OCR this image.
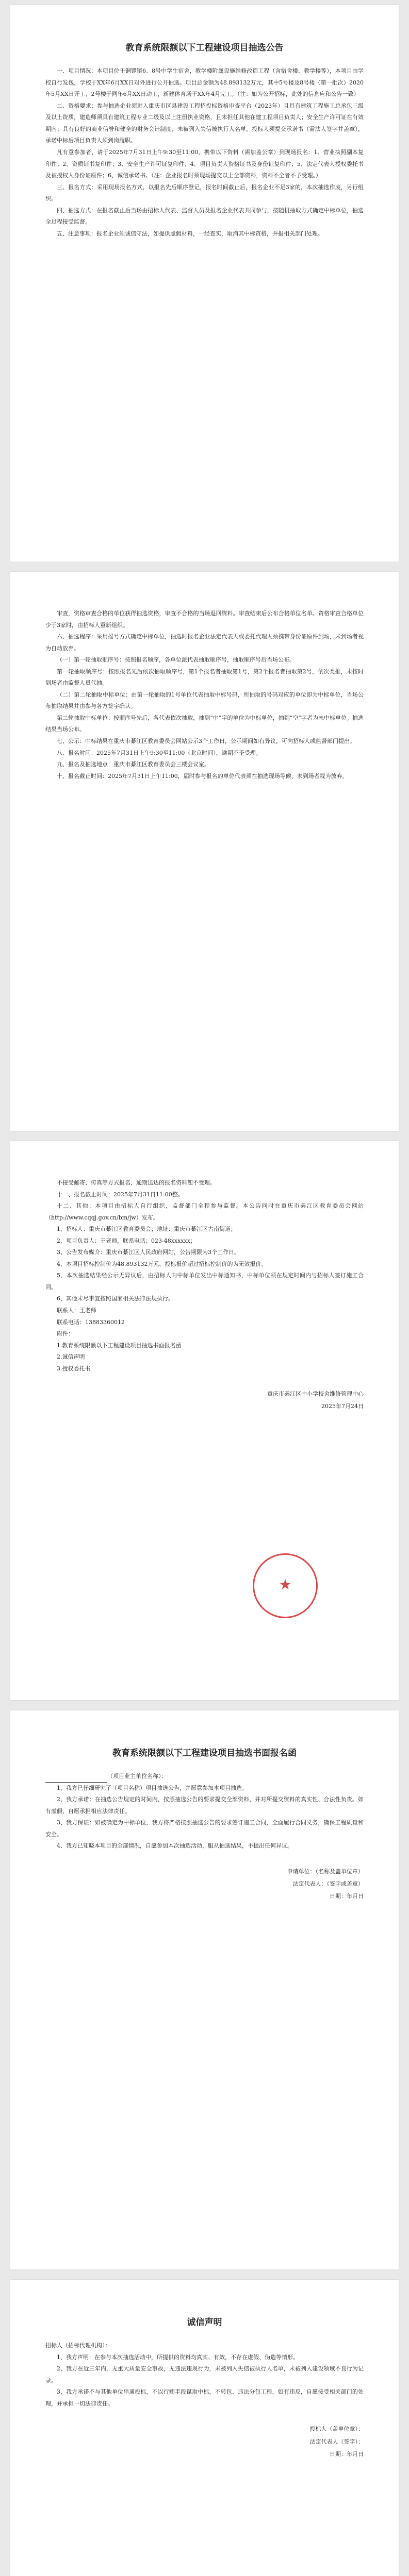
教育系统限额以下工程建设项目抽选公告

一、项目情况：本项目位于铜锣镇6、8号中学生宿舍，教学楼附属设施维修改造工程（含宿舍楼、教学楼等），本项目由学校自行发包，学校于XX年6月XX日对外进行公开抽选。项目总金额为48.893132万元，其中5号楼及8号楼（第一批次）2020年5月XX日开工；2号楼于同年6月XX日动工，新建体育场于XX年4月完工。（注：如为公开招标，此处的信息应和公告一致）

二、资格要求：参与抽选企业须进入重庆市区县建设工程招投标资格审查平台（2023年）且具有建筑工程施工总承包三级及以上资质，建造师须具有建筑工程专业二级及以上注册执业资格，且未担任其他在建工程项目负责人；安全生产许可证在有效期内；具有良好的商业信誉和健全的财务会计制度；未被列入失信被执行人名单。投标人须提交承诺书（需法人签字并盖章），承诺中标后项目负责人须到岗履职。

凡有意参加者，请于2025年7月31日上午9:30至11:00，携带以下资料（需加盖公章）到现场报名：1、营业执照副本复印件；2、资质证书复印件；3、安全生产许可证复印件；4、项目负责人资格证书及身份证复印件；5、法定代表人授权委托书及被授权人身份证原件；6、诚信承诺书。（注：企业报名时须现场提交以上全部资料，资料不全者不予受理。）

三、报名方式：采用现场报名方式，以报名先后顺序登记，报名时间截止后，报名企业不足3家的，本次抽选作废，另行组织。

四、抽选方式：在报名截止后当场由招标人代表、监督人员及报名企业代表共同参与，按随机抽取方式确定中标单位，抽选全过程接受监督。

五、注意事项：报名企业须诚信守法，如提供虚假材料，一经查实，取消其中标资格，并报相关部门处理。

审查，资格审查合格的单位获得抽选资格，审查不合格的当场退回资料。审查结束后公布合格单位名单。资格审查合格单位少于3家时，由招标人重新组织。

六、抽选程序：采用摇号方式确定中标单位，抽选时报名企业法定代表人或委托代理人须携带身份证原件到场，未到场者视为自动放弃。

（一）第一轮抽取顺序号：按照报名顺序，各单位派代表抽取顺序号，抽取顺序号后当场公布。

第一轮抽取顺序号：按照报名先后依次抽取顺序号，第1个报名者抽取第1号，第2个报名者抽取第2号，依次类推，未按时到场者由监督人员代抽。

（二）第二轮抽取中标单位：由第一轮抽取的1号单位代表抽取中标号码，所抽取的号码对应的单位即为中标单位，当场公布抽取结果并由参与各方签字确认。

第二轮抽取中标单位：按顺序号先后，各代表依次抽取，抽到“中”字的单位为中标单位，抽到“空”字者为未中标单位。抽选结果当场公布。

七、公示：中标结果在重庆市綦江区教育委员会网站公示3个工作日，公示期间如有异议，可向招标人或监督部门提出。

八、报名时间：2025年7月31日上午9:30至11:00（北京时间），逾期不予受理。

九、报名及抽选地点：重庆市綦江区教育委员会三楼会议室。

十、报名截止时间：2025年7月31日上午11:00，届时参与报名的单位代表须在抽选现场等候，未到场者视为放弃。

不接受邮寄、传真等方式报名，逾期送达的报名资料恕不受理。

十一、报名截止时间：2025年7月31日11:00整。

十二、其他：本项目由招标人自行组织，监督部门全程参与监督。本公告同时在重庆市綦江区教育委员会网站（http://www.cqqj.gov.cn/bm/jw）发布。

1、招标人：重庆市綦江区教育委员会；地址：重庆市綦江区古南街道；

2、项目负责人：王老师，联系电话：023-48xxxxxx；

3、公告发布媒介：重庆市綦江区人民政府网站，公告期限为3个工作日。

4、本项目招标控制价为48.893132万元，投标报价超过招标控制价的为无效报价。

5、本次抽选结果经公示无异议后，由招标人向中标单位发出中标通知书，中标单位须在规定时间内与招标人签订施工合同。

6、其他未尽事宜按照国家相关法律法规执行。

联系人：王老师

联系电话：13883360012

附件：

1.教育系统限额以下工程建设项目抽选书面报名函

2.诚信声明

3.授权委托书

重庆市綦江区中小学校舍维修管理中心
2025年7月24日
★
教育系统限额以下工程建设项目抽选书面报名函

（项目业主单位名称）：

1、我方已仔细研究了（项目名称）项目抽选公告，并愿意参加本项目抽选。

2、我方承诺：在抽选公告规定的时间内，按照抽选公告的要求提交全部资料，并对所提交资料的真实性、合法性负责。如有虚假，自愿承担相应法律责任。

3、我方保证：如被确定为中标单位，我方将严格按照抽选公告的要求签订施工合同，全面履行合同义务，确保工程质量和安全。

4、我方已知晓本项目的全部情况，自愿参加本次抽选活动，服从抽选结果，不提出任何异议。

申请单位：（名称及盖单位章）
法定代表人：（签字或盖章）
日期：年月日
诚信声明

招标人（招标代理机构）：

1、我方声明：在参与本次抽选活动中，所提供的资料均真实、有效，不存在虚假、伪造等情形。

2、我方在近三年内，无重大质量安全事故，无违法违规行为，未被列入失信被执行人名单，未被列入建设领域不良行为记录。

3、我方承诺不与其他单位串通投标，不以行贿手段谋取中标，不转包、违法分包工程，如有违反，自愿接受相关部门的处理，并承担一切法律责任。

投标人（盖单位章）：
法定代表人（签字）：
日期：年月日
